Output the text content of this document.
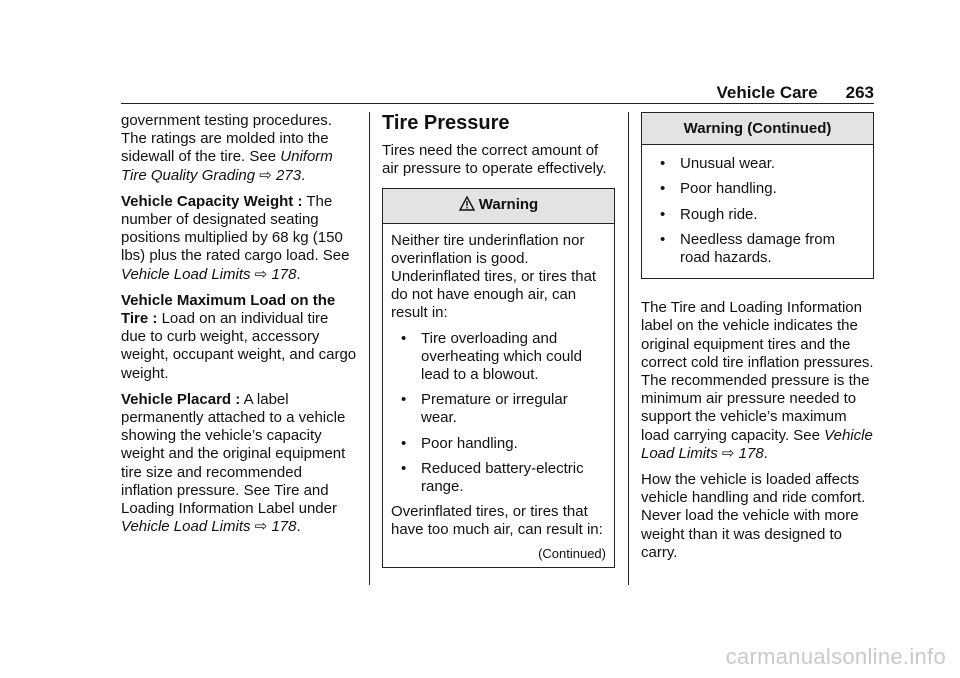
Vehicle Care 263

government testing procedures. The ratings are molded into the sidewall of the tire. See Uniform Tire Quality Grading ⇨ 273.

Vehicle Capacity Weight : The number of designated seating positions multiplied by 68 kg (150 lbs) plus the rated cargo load. See Vehicle Load Limits ⇨ 178.

Vehicle Maximum Load on the Tire : Load on an individual tire due to curb weight, accessory weight, occupant weight, and cargo weight.

Vehicle Placard : A label permanently attached to a vehicle showing the vehicle’s capacity weight and the original equipment tire size and recommended inflation pressure. See Tire and Loading Information Label under Vehicle Load Limits ⇨ 178.

Tire Pressure

Tires need the correct amount of air pressure to operate effectively.

Warning

Neither tire underinflation nor overinflation is good. Underinflated tires, or tires that do not have enough air, can result in:

• Tire overloading and overheating which could lead to a blowout.
• Premature or irregular wear.
• Poor handling.
• Reduced battery-electric range.

Overinflated tires, or tires that have too much air, can result in:

(Continued)
Warning (Continued)
• Unusual wear.
• Poor handling.
• Rough ride.
• Needless damage from road hazards.

The Tire and Loading Information label on the vehicle indicates the original equipment tires and the correct cold tire inflation pressures. The recommended pressure is the minimum air pressure needed to support the vehicle’s maximum load carrying capacity. See Vehicle Load Limits ⇨ 178.

How the vehicle is loaded affects vehicle handling and ride comfort. Never load the vehicle with more weight than it was designed to carry.

carmanualsonline.info
